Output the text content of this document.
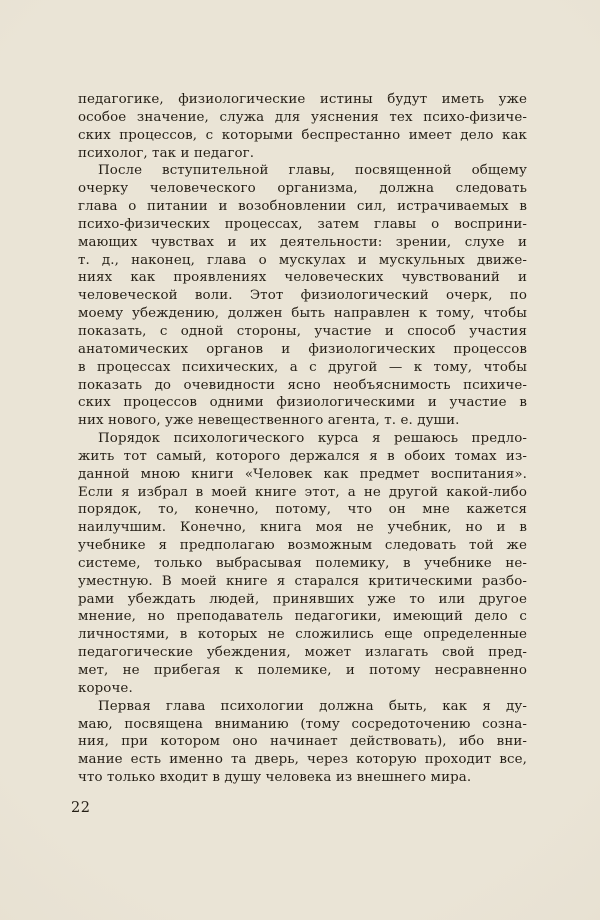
педагогике, физиологические истины будут иметь уже
особое значение, служа для уяснения тех психо-физиче-
ских процессов, с которыми беспрестанно имеет дело как
психолог, так и педагог.
После вступительной главы, посвященной общему
очерку человеческого организма, должна следовать
глава о питании и возобновлении сил, истрачиваемых в
психо-физических процессах, затем главы о восприни-
мающих чувствах и их деятельности: зрении, слухе и
т. д., наконец, глава о мускулах и мускульных движе-
ниях как проявлениях человеческих чувствований и
человеческой воли. Этот физиологический очерк, по
моему убеждению, должен быть направлен к тому, чтобы
показать, с одной стороны, участие и способ участия
анатомических органов и физиологических процессов
в процессах психических, а с другой — к тому, чтобы
показать до очевидности ясно необъяснимость психиче-
ских процессов одними физиологическими и участие в
них нового, уже невещественного агента, т. е. души.
Порядок психологического курса я решаюсь предло-
жить тот самый, которого держался я в обоих томах из-
данной мною книги «Человек как предмет воспитания».
Если я избрал в моей книге этот, а не другой какой-либо
порядок, то, конечно, потому, что он мне кажется
наилучшим. Конечно, книга моя не учебник, но и в
учебнике я предполагаю возможным следовать той же
системе, только выбрасывая полемику, в учебнике не-
уместную. В моей книге я старался критическими разбо-
рами убеждать людей, принявших уже то или другое
мнение, но преподаватель педагогики, имеющий дело с
личностями, в которых не сложились еще определенные
педагогические убеждения, может излагать свой пред-
мет, не прибегая к полемике, и потому несравненно
короче.
Первая глава психологии должна быть, как я ду-
маю, посвящена вниманию (тому сосредоточению созна-
ния, при котором оно начинает действовать), ибо вни-
мание есть именно та дверь, через которую проходит все,
что только входит в душу человека из внешнего мира.
22
